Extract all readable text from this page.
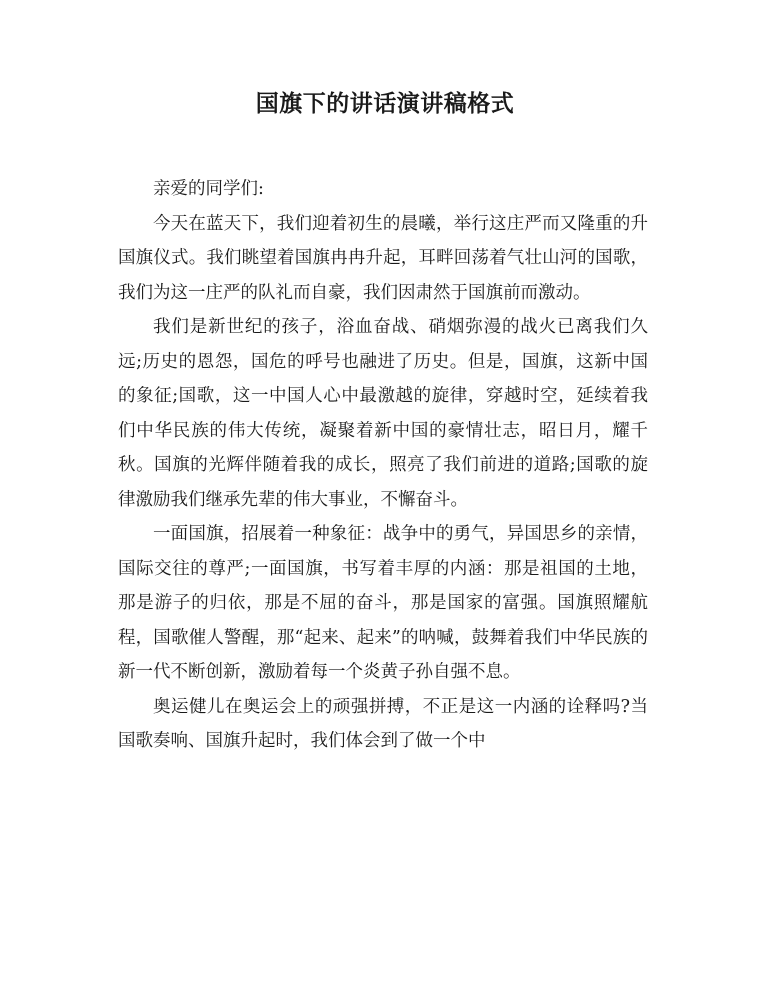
国旗下的讲话演讲稿格式

亲爱的同学们:

今天在蓝天下，我们迎着初生的晨曦，举行这庄严而又隆重的升国旗仪式。我们眺望着国旗冉冉升起，耳畔回荡着气壮山河的国歌，我们为这一庄严的队礼而自豪，我们因肃然于国旗前而激动。

我们是新世纪的孩子，浴血奋战、硝烟弥漫的战火已离我们久远;历史的恩怨，国危的呼号也融进了历史。但是，国旗，这新中国的象征;国歌，这一中国人心中最激越的旋律，穿越时空，延续着我们中华民族的伟大传统，凝聚着新中国的豪情壮志，昭日月，耀千秋。国旗的光辉伴随着我的成长，照亮了我们前进的道路;国歌的旋律激励我们继承先辈的伟大事业，不懈奋斗。

一面国旗，招展着一种象征：战争中的勇气，异国思乡的亲情，国际交往的尊严;一面国旗，书写着丰厚的内涵：那是祖国的土地，那是游子的归依，那是不屈的奋斗，那是国家的富强。国旗照耀航程，国歌催人警醒，那“起来、起来”的呐喊，鼓舞着我们中华民族的新一代不断创新，激励着每一个炎黄子孙自强不息。

奥运健儿在奥运会上的顽强拼搏，不正是这一内涵的诠释吗?当国歌奏响、国旗升起时，我们体会到了做一个中
